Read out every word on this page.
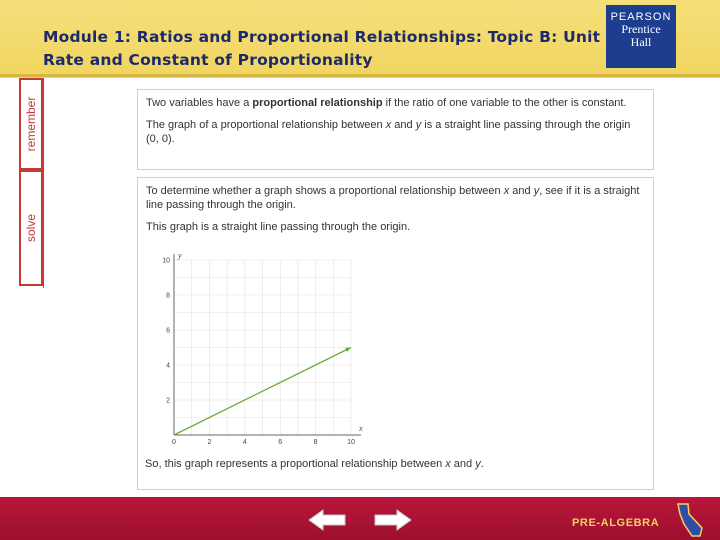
Module 1: Ratios and Proportional Relationships: Topic B: Unit Rate and Constant of Proportionality
PEARSON
Prentice
Hall
remember
solve

Two variables have a proportional relationship if the ratio of one variable to the other is constant.

The graph of a proportional relationship between x and y is a straight line passing through the origin (0, 0).

To determine whether a graph shows a proportional relationship between x and y, see if it is a straight line passing through the origin.

This graph is a straight line passing through the origin.

0	2	4	6	8	10
2
4
6
8
10
x
y
So, this graph represents a proportional relationship between x and y.
PRE-ALGEBRA
